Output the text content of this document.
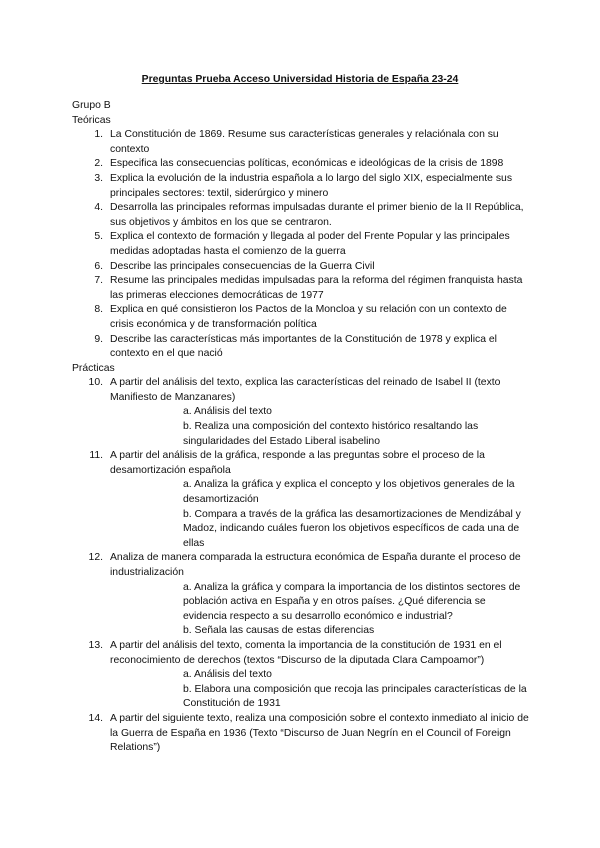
Preguntas Prueba Acceso Universidad Historia de España 23-24
Grupo B
Teóricas
1. La Constitución de 1869. Resume sus características generales y relaciónala con su contexto
2. Especifica las consecuencias políticas, económicas e ideológicas de la crisis de 1898
3. Explica la evolución de la industria española a lo largo del siglo XIX, especialmente sus principales sectores: textil, siderúrgico y minero
4. Desarrolla las principales reformas impulsadas durante el primer bienio de la II República, sus objetivos y ámbitos en los que se centraron.
5. Explica el contexto de formación y llegada al poder del Frente Popular y las principales medidas adoptadas hasta el comienzo de la guerra
6. Describe las principales consecuencias de la Guerra Civil
7. Resume las principales medidas impulsadas para la reforma del régimen franquista hasta las primeras elecciones democráticas de 1977
8. Explica en qué consistieron los Pactos de la Moncloa y su relación con un contexto de crisis económica y de transformación política
9. Describe las características más importantes de la Constitución de 1978 y explica el contexto en el que nació
Prácticas
10. A partir del análisis del texto, explica las características del reinado de Isabel II (texto Manifiesto de Manzanares)
a. Análisis del texto
b. Realiza una composición del contexto histórico resaltando las singularidades del Estado Liberal isabelino
11. A partir del análisis de la gráfica, responde a las preguntas sobre el proceso de la desamortización española
a. Analiza la gráfica y explica el concepto y los objetivos generales de la desamortización
b. Compara a través de la gráfica las desamortizaciones de Mendizábal y Madoz, indicando cuáles fueron los objetivos específicos de cada una de ellas
12. Analiza de manera comparada la estructura económica de España durante el proceso de industrialización
a. Analiza la gráfica y compara la importancia de los distintos sectores de población activa en España y en otros países. ¿Qué diferencia se evidencia respecto a su desarrollo económico e industrial?
b. Señala las causas de estas diferencias
13. A partir del análisis del texto, comenta la importancia de la constitución de 1931 en el reconocimiento de derechos (textos “Discurso de la diputada Clara Campoamor”)
a. Análisis del texto
b. Elabora una composición que recoja las principales características de la Constitución de 1931
14. A partir del siguiente texto, realiza una composición sobre el contexto inmediato al inicio de la Guerra de España en 1936 (Texto “Discurso de Juan Negrín en el Council of Foreign Relations”)
